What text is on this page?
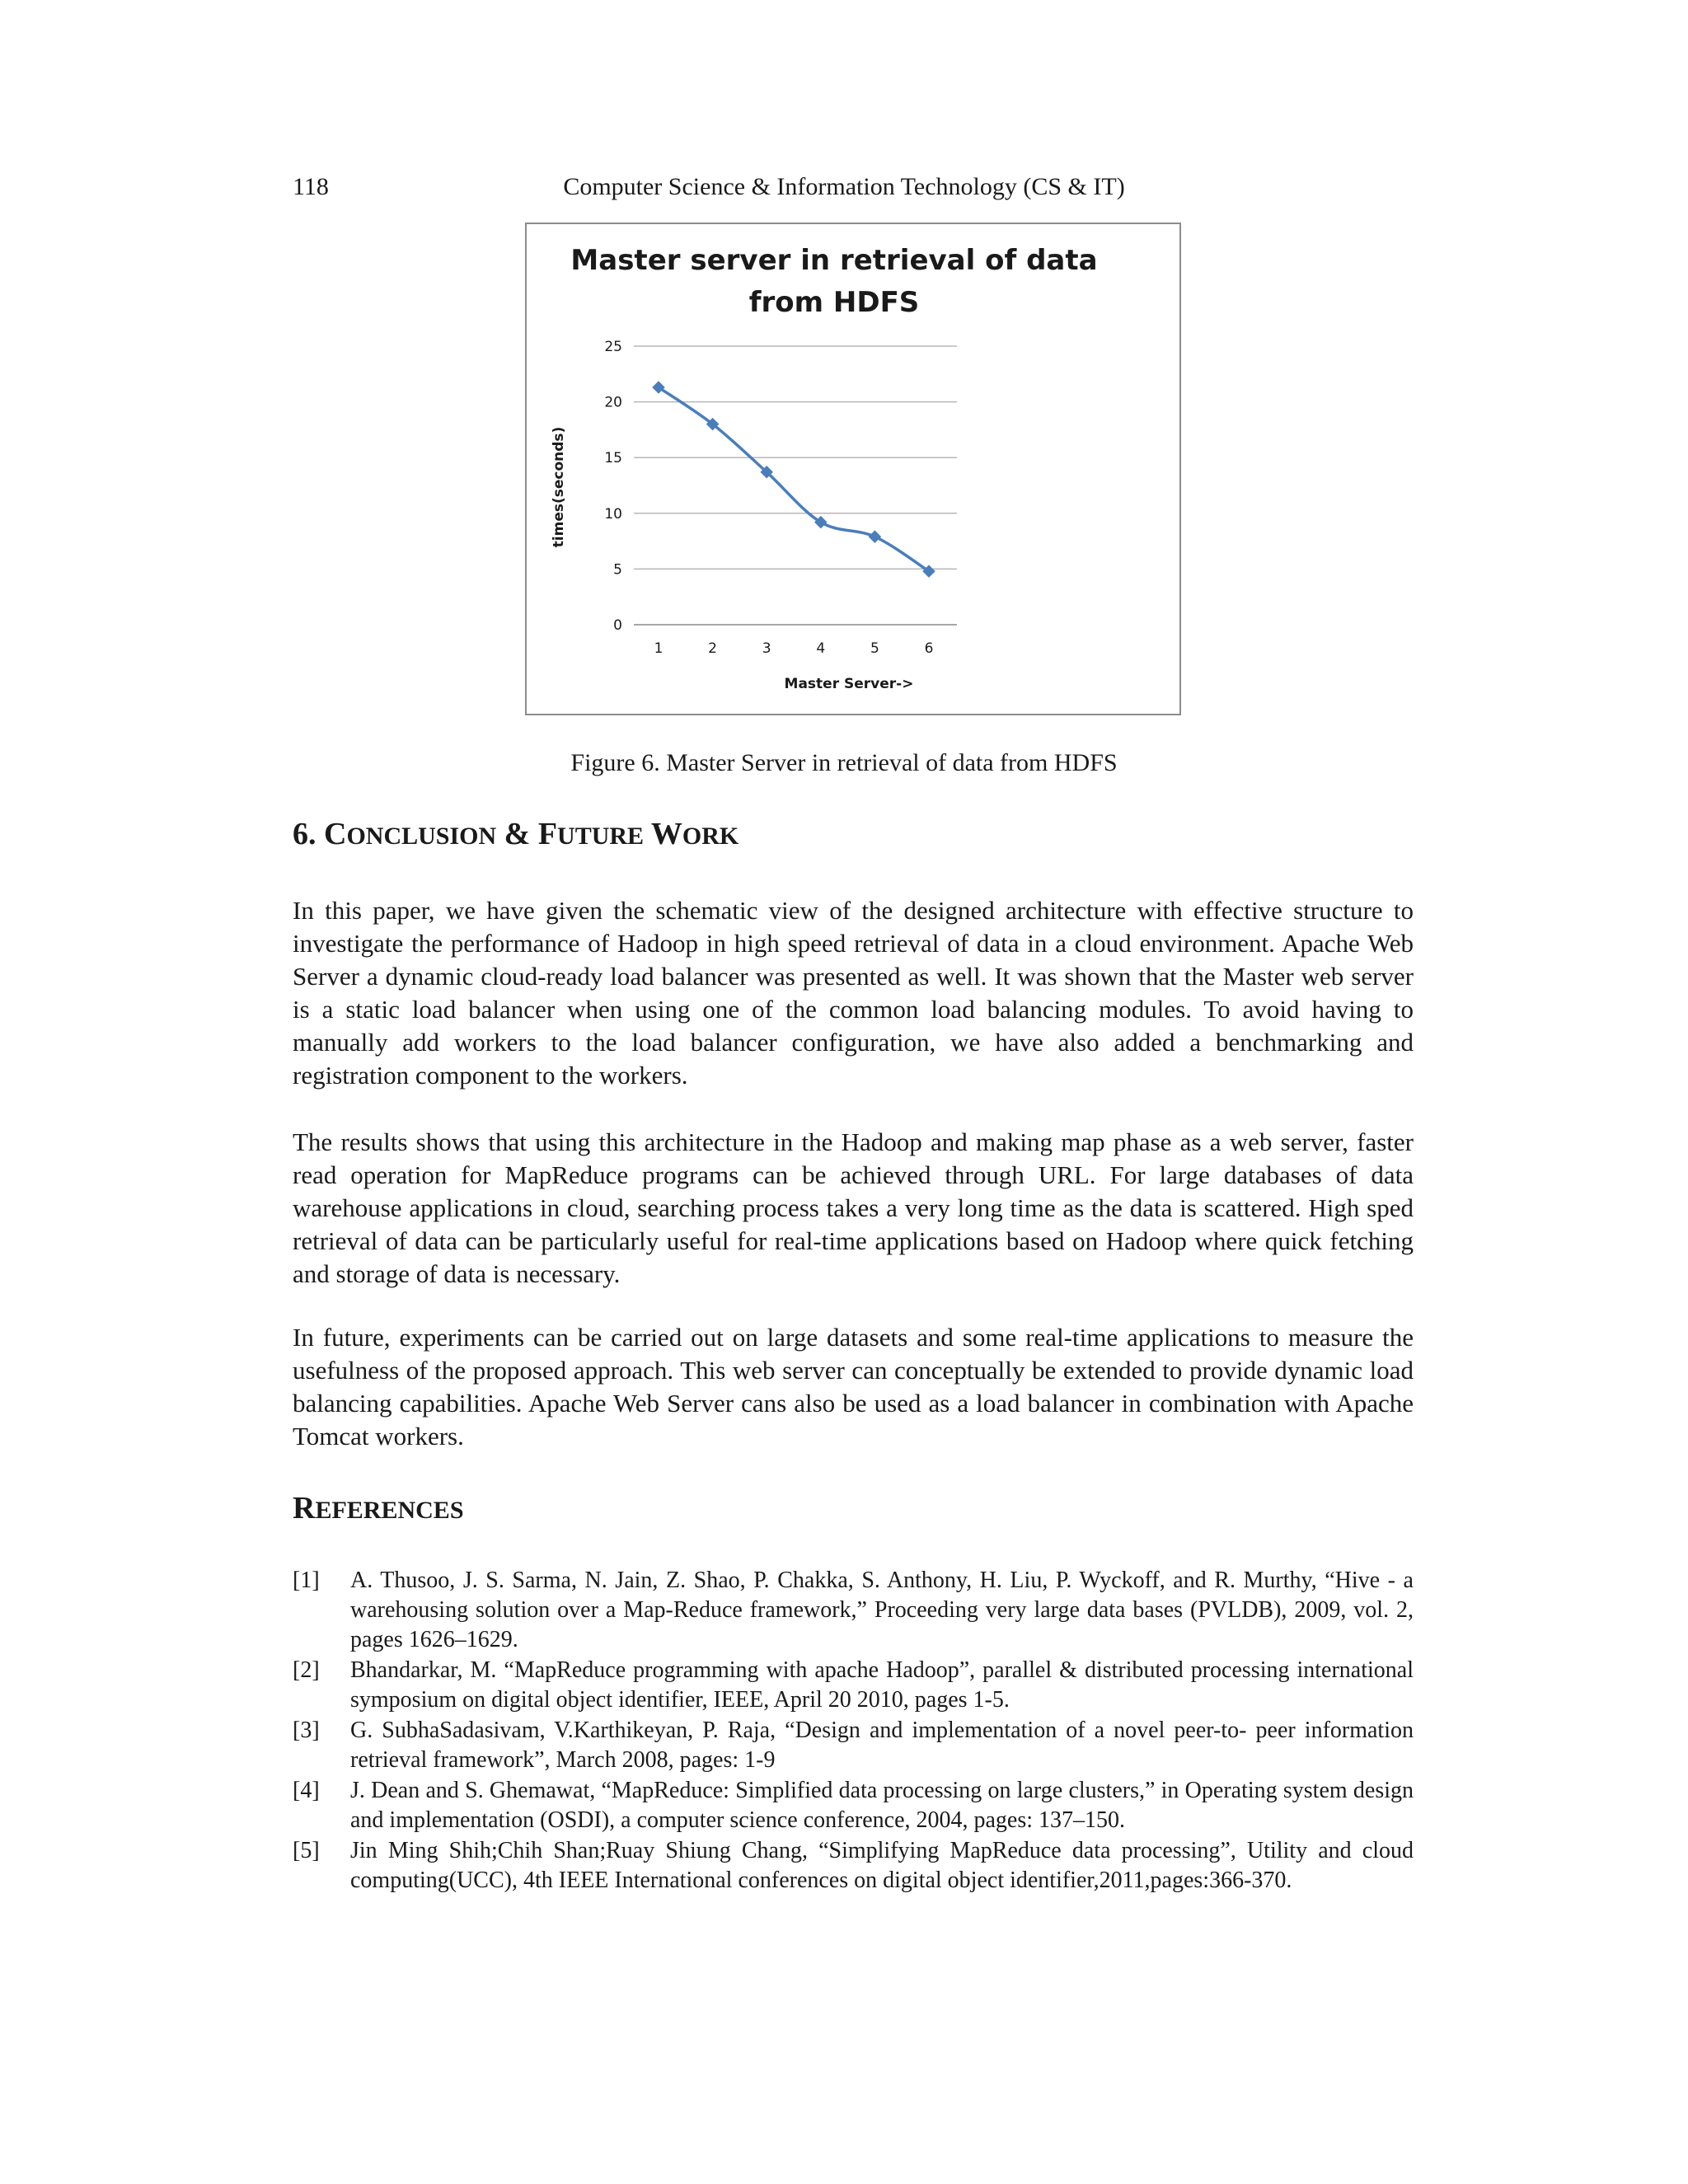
118	Computer Science & Information Technology (CS & IT)
Master server in retrieval of data
from HDFS
0
5
10
15
20
25
1	2	3	4	5	6
Master Server->
times(seconds)
Figure 6. Master Server in retrieval of data from HDFS
6. CONCLUSION & FUTURE WORK

In this paper, we have given the schematic view of the designed architecture with effective structure to investigate the performance of Hadoop in high speed retrieval of data in a cloud environment. Apache Web Server a dynamic cloud-ready load balancer was presented as well. It was shown that the Master web server is a static load balancer when using one of the common load balancing modules. To avoid having to manually add workers to the load balancer configuration, we have also added a benchmarking and registration component to the workers.

The results shows that using this architecture in the Hadoop and making map phase as a web server, faster read operation for MapReduce programs can be achieved through URL. For large databases of data warehouse applications in cloud, searching process takes a very long time as the data is scattered. High sped retrieval of data can be particularly useful for real-time applications based on Hadoop where quick fetching and storage of data is necessary.

In future, experiments can be carried out on large datasets and some real-time applications to measure the usefulness of the proposed approach. This web server can conceptually be extended to provide dynamic load balancing capabilities. Apache Web Server cans also be used as a load balancer in combination with Apache Tomcat workers.

REFERENCES
[1]	A. Thusoo, J. S. Sarma, N. Jain, Z. Shao, P. Chakka, S. Anthony, H. Liu, P. Wyckoff, and R. Murthy, “Hive - a warehousing solution over a Map-Reduce framework,” Proceeding very large data bases (PVLDB), 2009, vol. 2, pages 1626–1629.
[2]	Bhandarkar, M. “MapReduce programming with apache Hadoop”, parallel & distributed processing international symposium on digital object identifier, IEEE, April 20 2010, pages 1-5.
[3]	G. SubhaSadasivam, V.Karthikeyan, P. Raja, “Design and implementation of a novel peer-to- peer information retrieval framework”, March 2008, pages: 1-9
[4]	J. Dean and S. Ghemawat, “MapReduce: Simplified data processing on large clusters,” in Operating system design and implementation (OSDI), a computer science conference, 2004, pages: 137–150.
[5]	Jin Ming Shih;Chih Shan;Ruay Shiung Chang, “Simplifying MapReduce data processing”, Utility and cloud computing(UCC), 4th IEEE International conferences on digital object identifier,2011,pages:366-370.
